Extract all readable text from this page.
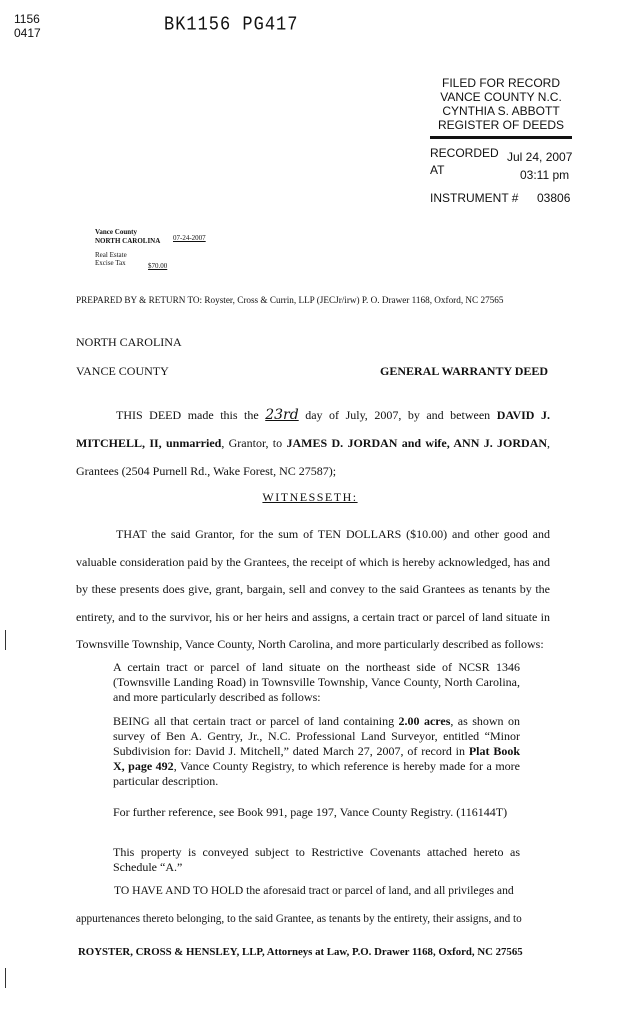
1156
0417	BK1156 PG417
FILED FOR RECORD
VANCE COUNTY N.C.
CYNTHIA S. ABBOTT
REGISTER OF DEEDS
RECORDED Jul 24, 2007
AT	03:11 pm
INSTRUMENT # 03806
Vance County
NORTH CAROLINA 07-24-2007
Real Estate
Excise Tax	$70.00
PREPARED BY & RETURN TO: Royster, Cross & Currin, LLP (JECJr/irw) P. O. Drawer 1168, Oxford, NC 27565
NORTH CAROLINA
VANCE COUNTY	GENERAL WARRANTY DEED
THIS DEED made this the 23rd day of July, 2007, by and between DAVID J. MITCHELL, II, unmarried, Grantor, to JAMES D. JORDAN and wife, ANN J. JORDAN, Grantees (2504 Purnell Rd., Wake Forest, NC 27587);
WITNESSETH:
THAT the said Grantor, for the sum of TEN DOLLARS ($10.00) and other good and valuable consideration paid by the Grantees, the receipt of which is hereby acknowledged, has and by these presents does give, grant, bargain, sell and convey to the said Grantees as tenants by the entirety, and to the survivor, his or her heirs and assigns, a certain tract or parcel of land situate in Townsville Township, Vance County, North Carolina, and more particularly described as follows:
A certain tract or parcel of land situate on the northeast side of NCSR 1346 (Townsville Landing Road) in Townsville Township, Vance County, North Carolina, and more particularly described as follows:
BEING all that certain tract or parcel of land containing 2.00 acres, as shown on survey of Ben A. Gentry, Jr., N.C. Professional Land Surveyor, entitled “Minor Subdivision for: David J. Mitchell,” dated March 27, 2007, of record in Plat Book X, page 492, Vance County Registry, to which reference is hereby made for a more particular description.
For further reference, see Book 991, page 197, Vance County Registry. (116144T)
This property is conveyed subject to Restrictive Covenants attached hereto as Schedule “A.”
TO HAVE AND TO HOLD the aforesaid tract or parcel of land, and all privileges and
appurtenances thereto belonging, to the said Grantee, as tenants by the entirety, their assigns, and to
ROYSTER, CROSS & HENSLEY, LLP, Attorneys at Law, P.O. Drawer 1168, Oxford, NC 27565
